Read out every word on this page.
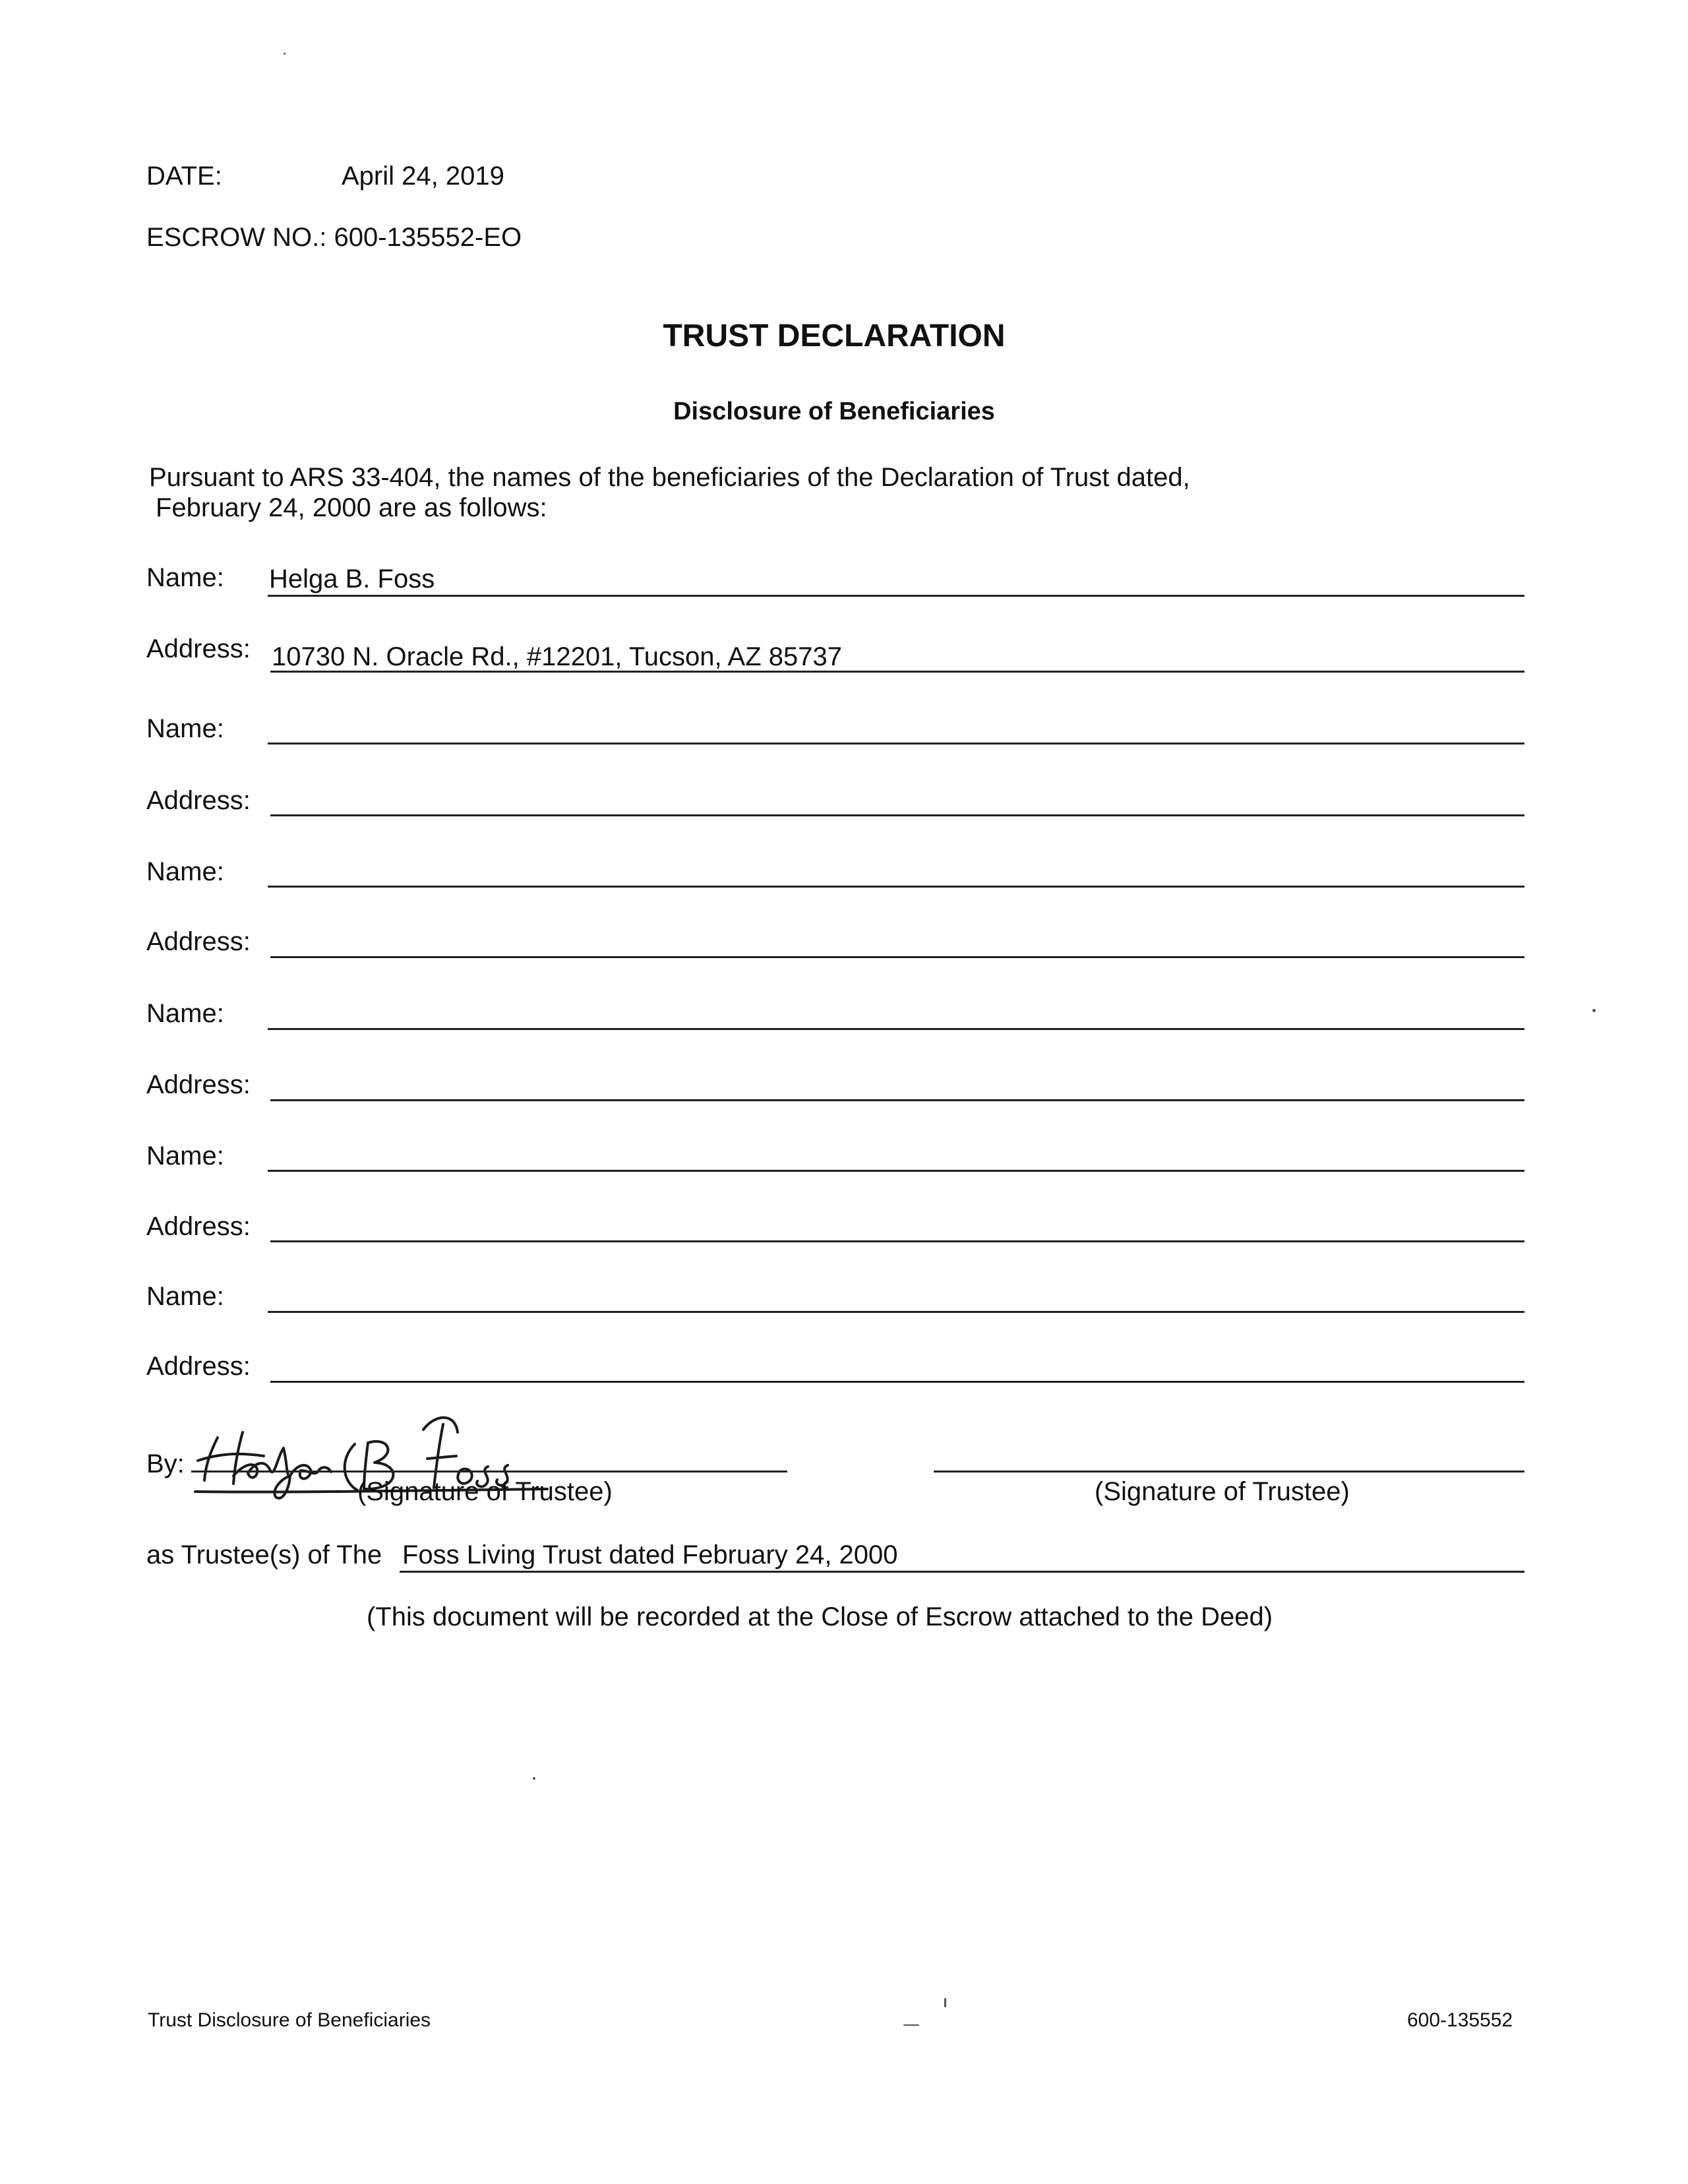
DATE:	April 24, 2019
ESCROW NO.: 600-135552-EO
TRUST DECLARATION
Disclosure of Beneficiaries
Pursuant to ARS 33-404, the names of the beneficiaries of the Declaration of Trust dated,
February 24, 2000 are as follows:
Name: Helga B. Foss
Address: 10730 N. Oracle Rd., #12201, Tucson, AZ 85737
Name:
Address:
Name:
Address:
Name:
Address:
Name:
Address:
Name:
Address:
By:
(Signature of Trustee)	(Signature of Trustee)
as Trustee(s) of The Foss Living Trust dated February 24, 2000
(This document will be recorded at the Close of Escrow attached to the Deed)
Trust Disclosure of Beneficiaries	600-135552
